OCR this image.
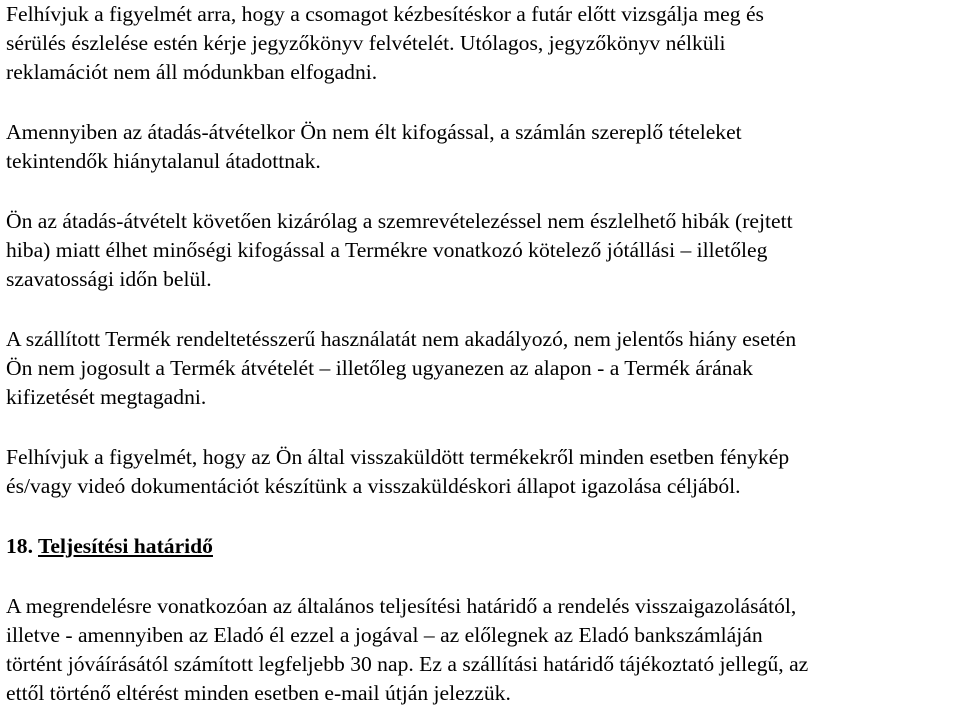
Felhívjuk a figyelmét arra, hogy a csomagot kézbesítéskor a futár előtt vizsgálja meg és
sérülés észlelése estén kérje jegyzőkönyv felvételét. Utólagos, jegyzőkönyv nélküli
reklamációt nem áll módunkban elfogadni.
Amennyiben az átadás-átvételkor Ön nem élt kifogással, a számlán szereplő tételeket
tekintendők hiánytalanul átadottnak.
Ön az átadás-átvételt követően kizárólag a szemrevételezéssel nem észlelhető hibák (rejtett
hiba) miatt élhet minőségi kifogással a Termékre vonatkozó kötelező jótállási – illetőleg
szavatossági időn belül.
A szállított Termék rendeltetésszerű használatát nem akadályozó, nem jelentős hiány esetén
Ön nem jogosult a Termék átvételét – illetőleg ugyanezen az alapon - a Termék árának
kifizetését megtagadni.
Felhívjuk a figyelmét, hogy az Ön által visszaküldött termékekről minden esetben fénykép
és/vagy videó dokumentációt készítünk a visszaküldéskori állapot igazolása céljából.
18. Teljesítési határidő
A megrendelésre vonatkozóan az általános teljesítési határidő a rendelés visszaigazolásától,
illetve - amennyiben az Eladó él ezzel a jogával – az előlegnek az Eladó bankszámláján
történt jóváírásától számított legfeljebb 30 nap. Ez a szállítási határidő tájékoztató jellegű, az
ettől történő eltérést minden esetben e-mail útján jelezzük.
